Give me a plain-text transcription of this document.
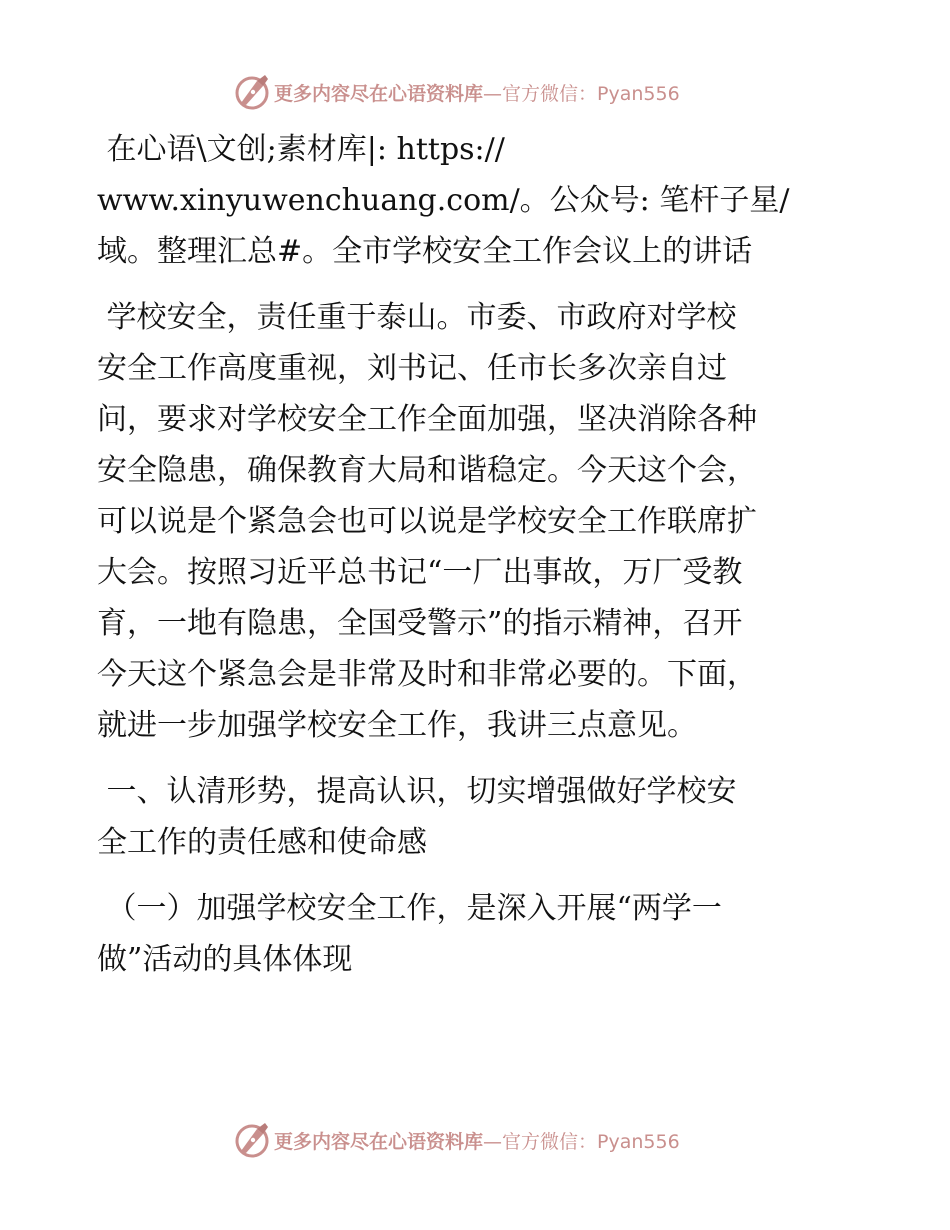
更多内容尽在心语资料库—官方微信：Pyan556

在心语\文创;素材库|: https://
www.xinyuwenchuang.com/。公众号: 笔杆子星/
域。整理汇总#。全市学校安全工作会议上的讲话

学校安全，责任重于泰山。市委、市政府对学校
安全工作高度重视，刘书记、任市长多次亲自过
问，要求对学校安全工作全面加强，坚决消除各种
安全隐患，确保教育大局和谐稳定。今天这个会，
可以说是个紧急会也可以说是学校安全工作联席扩
大会。按照习近平总书记“一厂出事故，万厂受教
育，一地有隐患，全国受警示”的指示精神，召开
今天这个紧急会是非常及时和非常必要的。下面，
就进一步加强学校安全工作，我讲三点意见。

一、认清形势，提高认识，切实增强做好学校安
全工作的责任感和使命感

（一）加强学校安全工作，是深入开展“两学一
做”活动的具体体现

更多内容尽在心语资料库—官方微信：Pyan556
